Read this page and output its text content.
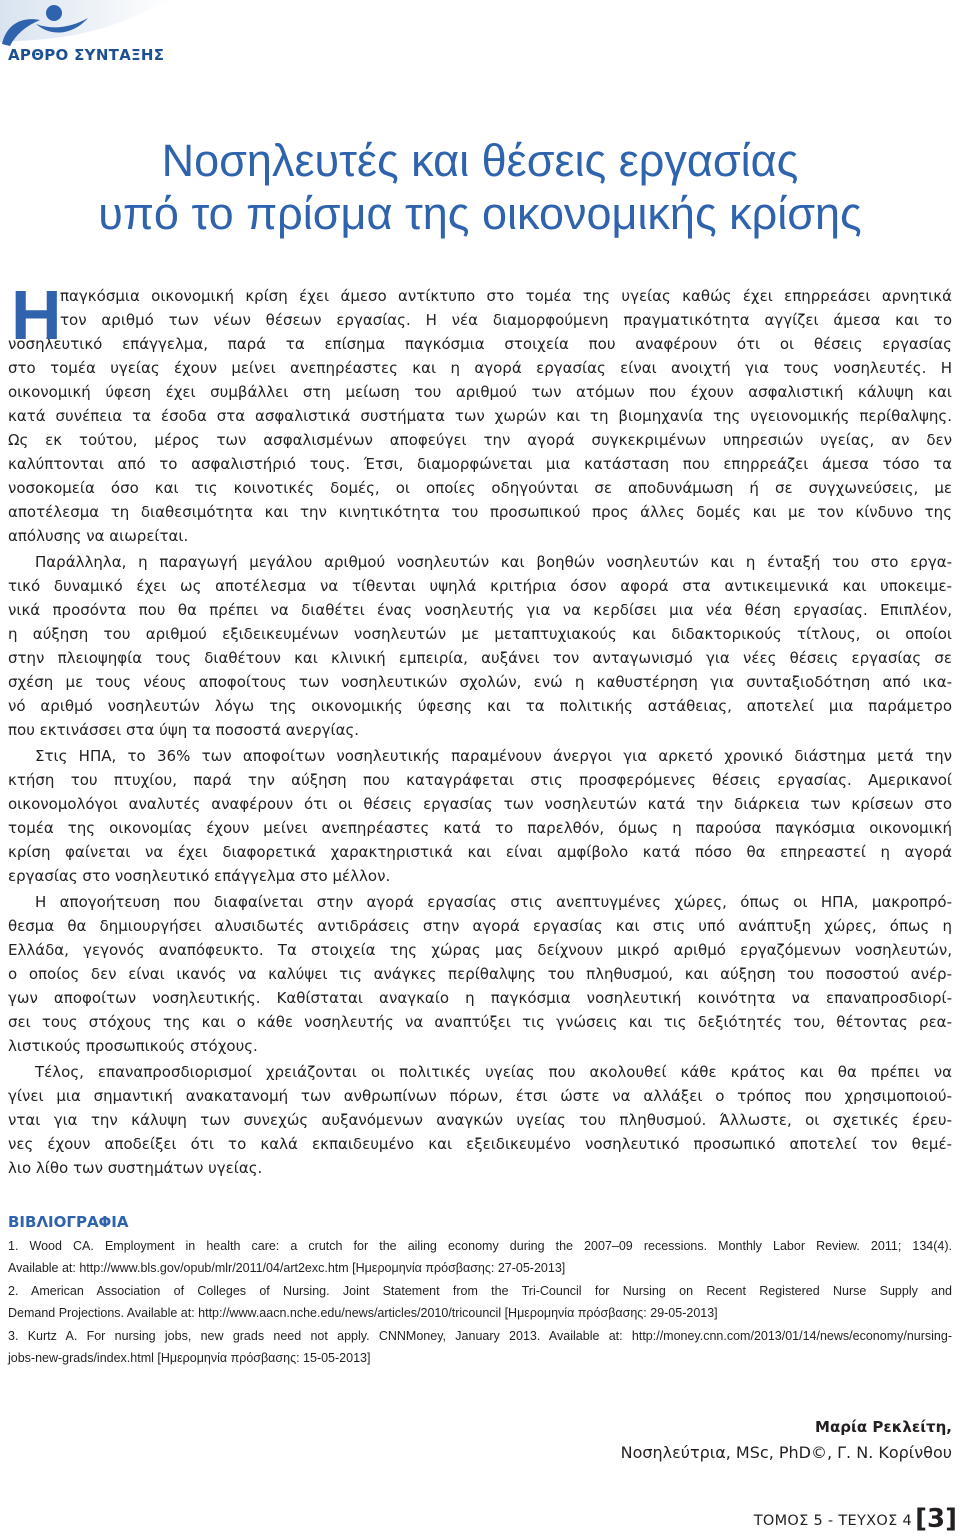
ΑΡΘΡΟ ΣΥΝΤΑΞΗΣ
Νοσηλευτές και θέσεις εργασίας
υπό το πρίσμα της οικονομικής κρίσης
Η
παγκόσμια οικονομική κρίση έχει άμεσο αντίκτυπο στο τομέα της υγείας καθώς έχει επηρρεάσει αρνητικά
τον αριθμό των νέων θέσεων εργασίας. Η νέα διαμορφούμενη πραγματικότητα αγγίζει άμεσα και το
νοσηλευτικό επάγγελμα, παρά τα επίσημα παγκόσμια στοιχεία που αναφέρουν ότι οι θέσεις εργασίας
στο τομέα υγείας έχουν μείνει ανεπηρέαστες και η αγορά εργασίας είναι ανοιχτή για τους νοσηλευτές. Η
οικονομική ύφεση έχει συμβάλλει στη μείωση του αριθμού των ατόμων που έχουν ασφαλιστική κάλυψη και
κατά συνέπεια τα έσοδα στα ασφαλιστικά συστήματα των χωρών και τη βιομηχανία της υγειονομικής περίθαλψης.
Ως εκ τούτου, μέρος των ασφαλισμένων αποφεύγει την αγορά συγκεκριμένων υπηρεσιών υγείας, αν δεν
καλύπτονται από το ασφαλιστήριό τους. Έτσι, διαμορφώνεται μια κατάσταση που επηρρεάζει άμεσα τόσο τα
νοσοκομεία όσο και τις κοινοτικές δομές, οι οποίες οδηγούνται σε αποδυνάμωση ή σε συγχωνεύσεις, με
αποτέλεσμα τη διαθεσιμότητα και την κινητικότητα του προσωπικού προς άλλες δομές και με τον κίνδυνο της
απόλυσης να αιωρείται.
Παράλληλα, η παραγωγή μεγάλου αριθμού νοσηλευτών και βοηθών νοσηλευτών και η ένταξή του στο εργα-
τικό δυναμικό έχει ως αποτέλεσμα να τίθενται υψηλά κριτήρια όσον αφορά στα αντικειμενικά και υποκειμε-
νικά προσόντα που θα πρέπει να διαθέτει ένας νοσηλευτής για να κερδίσει μια νέα θέση εργασίας. Επιπλέον,
η αύξηση του αριθμού εξιδεικευμένων νοσηλευτών με μεταπτυχιακούς και διδακτορικούς τίτλους, οι οποίοι
στην πλειοψηφία τους διαθέτουν και κλινική εμπειρία, αυξάνει τον ανταγωνισμό για νέες θέσεις εργασίας σε
σχέση με τους νέους αποφοίτους των νοσηλευτικών σχολών, ενώ η καθυστέρηση για συνταξιοδότηση από ικα-
νό αριθμό νοσηλευτών λόγω της οικονομικής ύφεσης και τα πολιτικής αστάθειας, αποτελεί μια παράμετρο
που εκτινάσσει στα ύψη τα ποσοστά ανεργίας.
Στις ΗΠΑ, το 36% των αποφοίτων νοσηλευτικής παραμένουν άνεργοι για αρκετό χρονικό διάστημα μετά την
κτήση του πτυχίου, παρά την αύξηση που καταγράφεται στις προσφερόμενες θέσεις εργασίας. Αμερικανοί
οικονομολόγοι αναλυτές αναφέρουν ότι οι θέσεις εργασίας των νοσηλευτών κατά την διάρκεια των κρίσεων στο
τομέα της οικονομίας έχουν μείνει ανεπηρέαστες κατά το παρελθόν, όμως η παρούσα παγκόσμια οικονομική
κρίση φαίνεται να έχει διαφορετικά χαρακτηριστικά και είναι αμφίβολο κατά πόσο θα επηρεαστεί η αγορά
εργασίας στο νοσηλευτικό επάγγελμα στο μέλλον.
Η απογοήτευση που διαφαίνεται στην αγορά εργασίας στις ανεπτυγμένες χώρες, όπως οι ΗΠΑ, μακροπρό-
θεσμα θα δημιουργήσει αλυσιδωτές αντιδράσεις στην αγορά εργασίας και στις υπό ανάπτυξη χώρες, όπως η
Ελλάδα, γεγονός αναπόφευκτο. Τα στοιχεία της χώρας μας δείχνουν μικρό αριθμό εργαζόμενων νοσηλευτών,
ο οποίος δεν είναι ικανός να καλύψει τις ανάγκες περίθαλψης του πληθυσμού, και αύξηση του ποσοστού ανέρ-
γων αποφοίτων νοσηλευτικής. Καθίσταται αναγκαίο η παγκόσμια νοσηλευτική κοινότητα να επαναπροσδιορί-
σει τους στόχους της και ο κάθε νοσηλευτής να αναπτύξει τις γνώσεις και τις δεξιότητές του, θέτοντας ρεα-
λιστικούς προσωπικούς στόχους.
Τέλος, επαναπροσδιορισμοί χρειάζονται οι πολιτικές υγείας που ακολουθεί κάθε κράτος και θα πρέπει να
γίνει μια σημαντική ανακατανομή των ανθρωπίνων πόρων, έτσι ώστε να αλλάξει ο τρόπος που χρησιμοποιού-
νται για την κάλυψη των συνεχώς αυξανόμενων αναγκών υγείας του πληθυσμού. Άλλωστε, οι σχετικές έρευ-
νες έχουν αποδείξει ότι το καλά εκπαιδευμένο και εξειδικευμένο νοσηλευτικό προσωπικό αποτελεί τον θεμέ-
λιο λίθο των συστημάτων υγείας.
ΒΙΒΛΙΟΓΡΑΦΙΑ
1. Wood CA. Employment in health care: a crutch for the ailing economy during the 2007–09 recessions. Monthly Labor Review. 2011; 134(4).
Available at: http://www.bls.gov/opub/mlr/2011/04/art2exc.htm [Ημερομηνία πρόσβασης: 27-05-2013]
2. American Association of Colleges of Nursing. Joint Statement from the Tri-Council for Nursing on Recent Registered Nurse Supply and
Demand Projections. Available at: http://www.aacn.nche.edu/news/articles/2010/tricouncil [Ημερομηνία πρόσβασης: 29-05-2013]
3. Kurtz A. For nursing jobs, new grads need not apply. CNNMoney, January 2013. Available at: http://money.cnn.com/2013/01/14/news/economy/nursing-
jobs-new-grads/index.html [Ημερομηνία πρόσβασης: 15-05-2013]
Μαρία Ρεκλείτη,
Νοσηλεύτρια, MSc, PhD©, Γ. Ν. Κορίνθου
ΤΟΜΟΣ 5 - ΤΕΥΧΟΣ 4 [3]
